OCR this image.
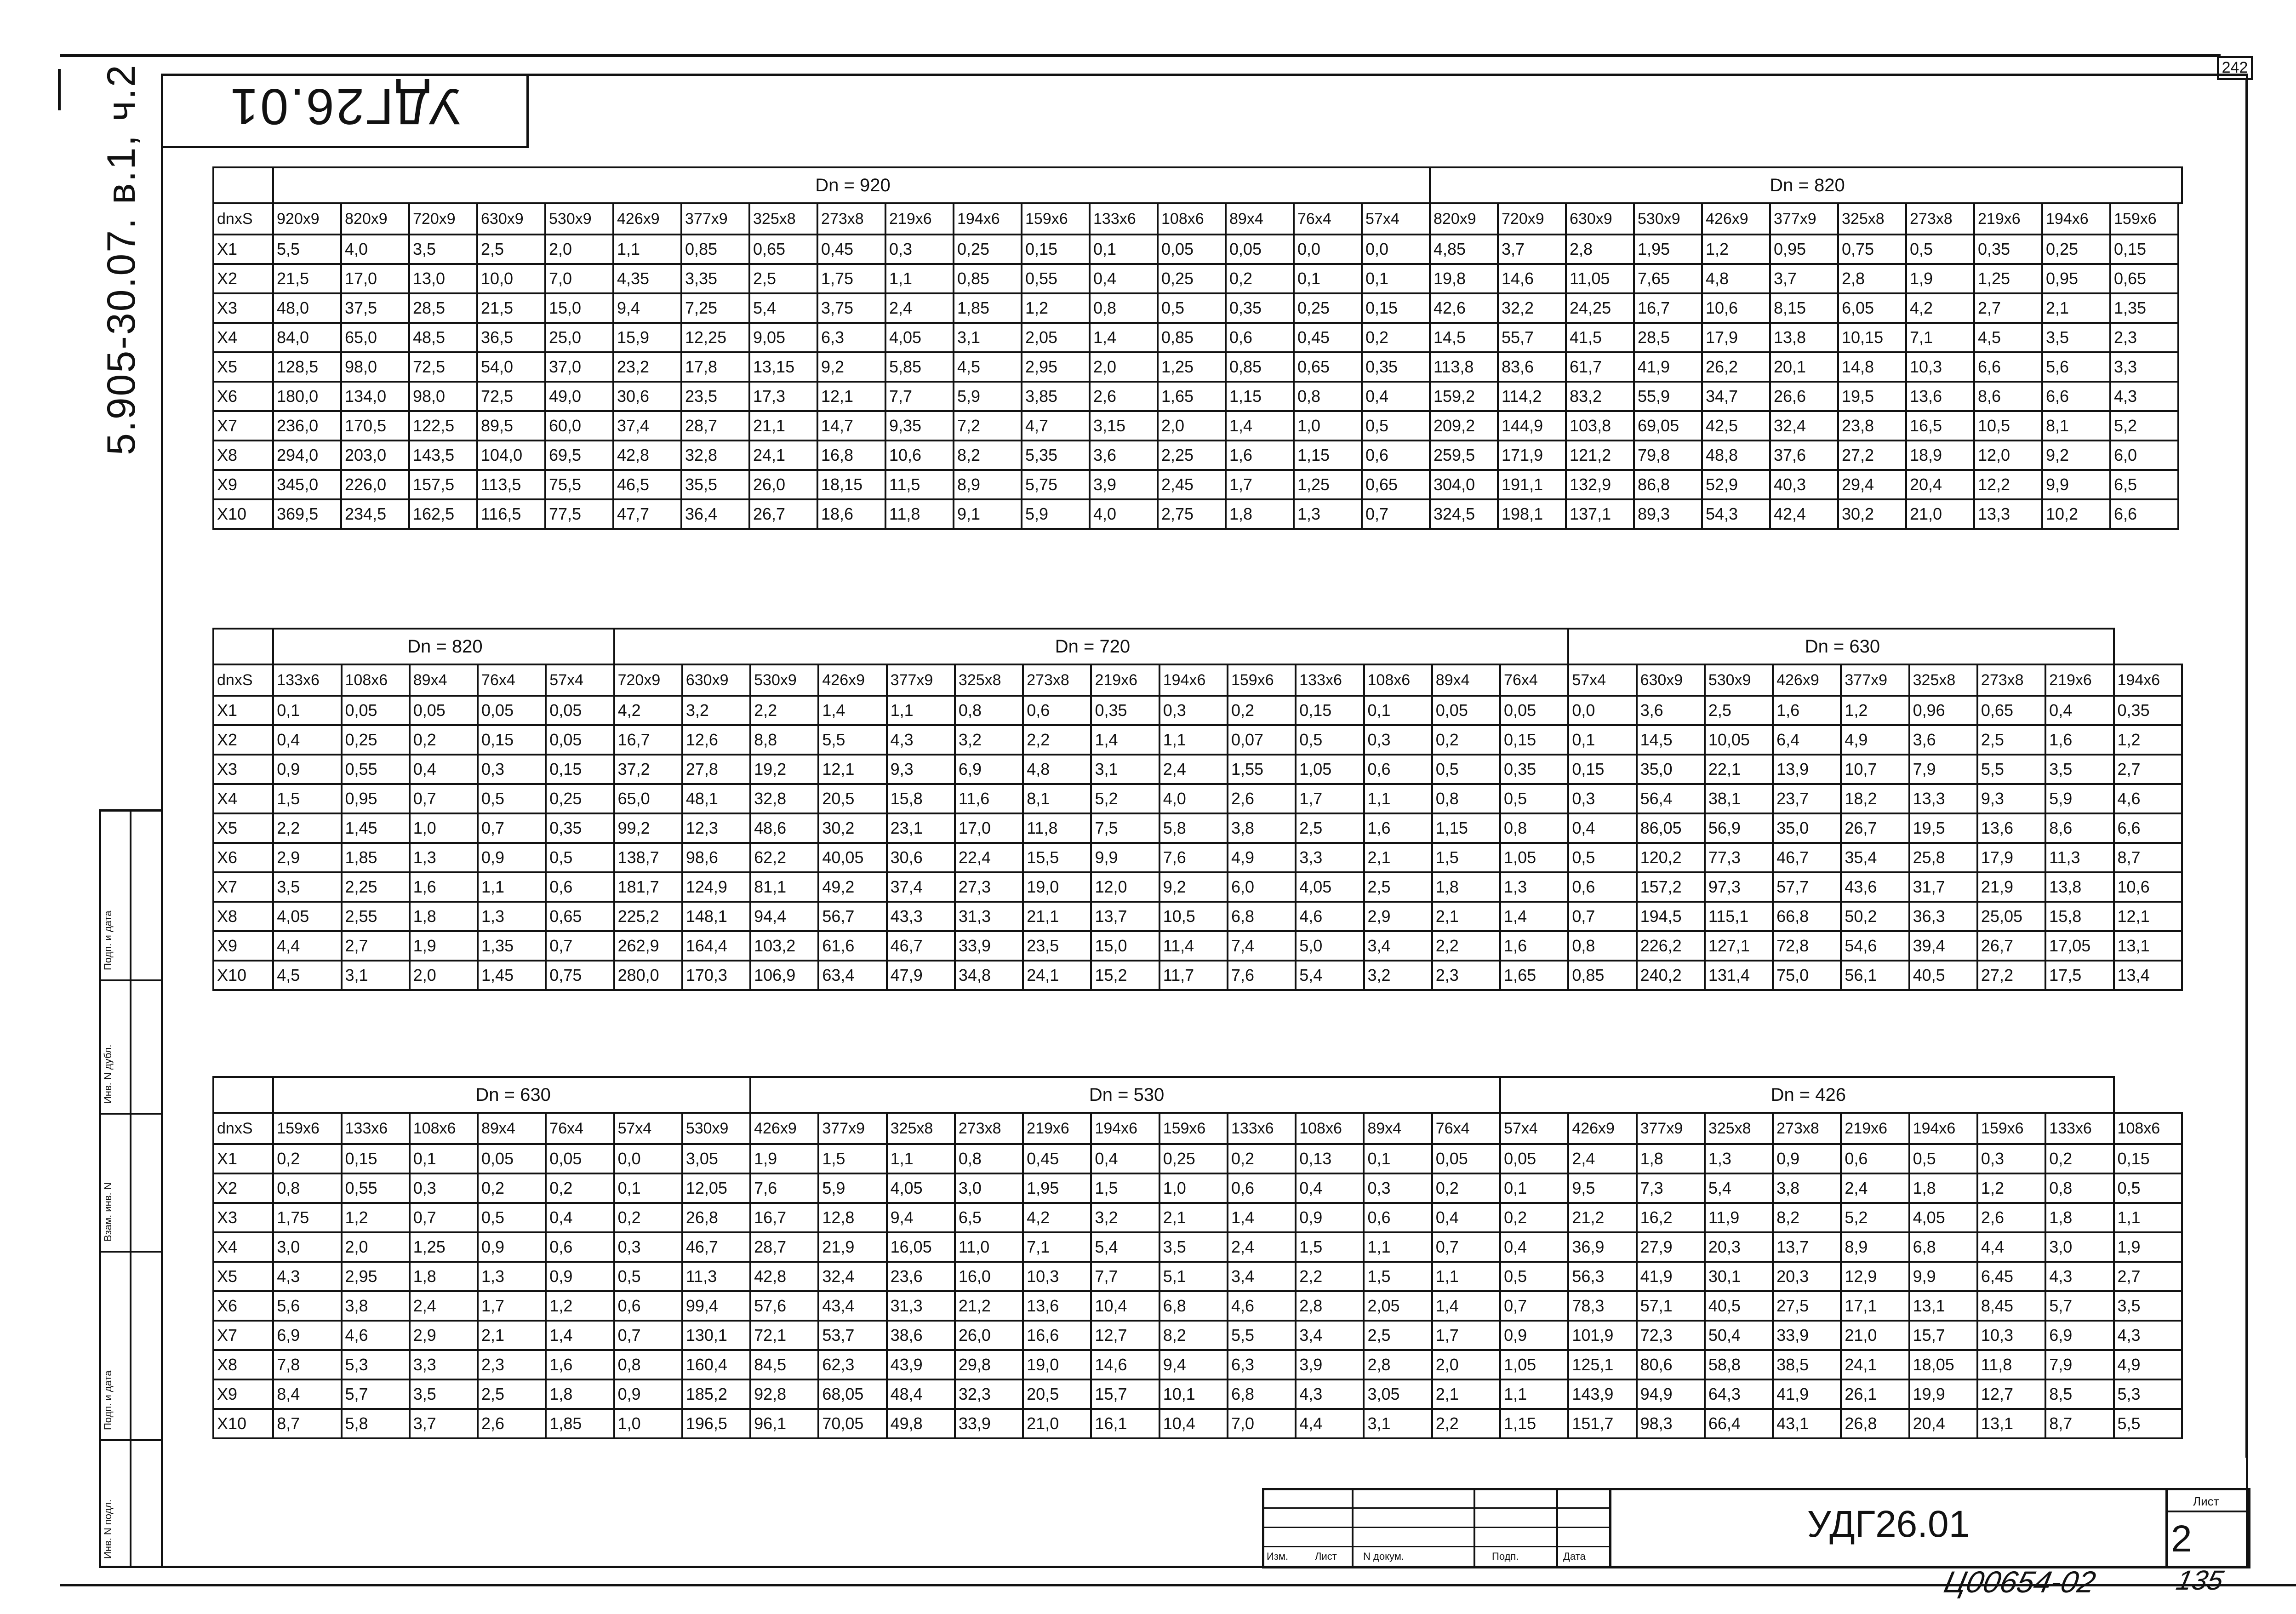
УДГ26.01
242
5.905-30.07. в.1, ч.2
Подп. и дата
Инв. N дубл.
Взам. инв. N
Подп. и дата
Инв. N подл.
	Dn = 920																	Dn = 820										
dnxS	920x9	820x9	720x9	630x9	530x9	426x9	377x9	325x8	273x8	219x6	194x6	159x6	133x6	108x6	89x4	76x4	57x4	820x9	720x9	630x9	530x9	426x9	377x9	325x8	273x8	219x6	194x6	159x6
X1	5,5	4,0	3,5	2,5	2,0	1,1	0,85	0,65	0,45	0,3	0,25	0,15	0,1	0,05	0,05	0,0	0,0	4,85	3,7	2,8	1,95	1,2	0,95	0,75	0,5	0,35	0,25	0,15
X2	21,5	17,0	13,0	10,0	7,0	4,35	3,35	2,5	1,75	1,1	0,85	0,55	0,4	0,25	0,2	0,1	0,1	19,8	14,6	11,05	7,65	4,8	3,7	2,8	1,9	1,25	0,95	0,65
X3	48,0	37,5	28,5	21,5	15,0	9,4	7,25	5,4	3,75	2,4	1,85	1,2	0,8	0,5	0,35	0,25	0,15	42,6	32,2	24,25	16,7	10,6	8,15	6,05	4,2	2,7	2,1	1,35
X4	84,0	65,0	48,5	36,5	25,0	15,9	12,25	9,05	6,3	4,05	3,1	2,05	1,4	0,85	0,6	0,45	0,2	14,5	55,7	41,5	28,5	17,9	13,8	10,15	7,1	4,5	3,5	2,3
X5	128,5	98,0	72,5	54,0	37,0	23,2	17,8	13,15	9,2	5,85	4,5	2,95	2,0	1,25	0,85	0,65	0,35	113,8	83,6	61,7	41,9	26,2	20,1	14,8	10,3	6,6	5,6	3,3
X6	180,0	134,0	98,0	72,5	49,0	30,6	23,5	17,3	12,1	7,7	5,9	3,85	2,6	1,65	1,15	0,8	0,4	159,2	114,2	83,2	55,9	34,7	26,6	19,5	13,6	8,6	6,6	4,3
X7	236,0	170,5	122,5	89,5	60,0	37,4	28,7	21,1	14,7	9,35	7,2	4,7	3,15	2,0	1,4	1,0	0,5	209,2	144,9	103,8	69,05	42,5	32,4	23,8	16,5	10,5	8,1	5,2
X8	294,0	203,0	143,5	104,0	69,5	42,8	32,8	24,1	16,8	10,6	8,2	5,35	3,6	2,25	1,6	1,15	0,6	259,5	171,9	121,2	79,8	48,8	37,6	27,2	18,9	12,0	9,2	6,0
X9	345,0	226,0	157,5	113,5	75,5	46,5	35,5	26,0	18,15	11,5	8,9	5,75	3,9	2,45	1,7	1,25	0,65	304,0	191,1	132,9	86,8	52,9	40,3	29,4	20,4	12,2	9,9	6,5
X10	369,5	234,5	162,5	116,5	77,5	47,7	36,4	26,7	18,6	11,8	9,1	5,9	4,0	2,75	1,8	1,3	0,7	324,5	198,1	137,1	89,3	54,3	42,4	30,2	21,0	13,3	10,2	6,6
	Dn = 820					Dn = 720														Dn = 630								
dnxS	133x6	108x6	89x4	76x4	57x4	720x9	630x9	530x9	426x9	377x9	325x8	273x8	219x6	194x6	159x6	133x6	108x6	89x4	76x4	57x4	630x9	530x9	426x9	377x9	325x8	273x8	219x6	194x6
X1	0,1	0,05	0,05	0,05	0,05	4,2	3,2	2,2	1,4	1,1	0,8	0,6	0,35	0,3	0,2	0,15	0,1	0,05	0,05	0,0	3,6	2,5	1,6	1,2	0,96	0,65	0,4	0,35
X2	0,4	0,25	0,2	0,15	0,05	16,7	12,6	8,8	5,5	4,3	3,2	2,2	1,4	1,1	0,07	0,5	0,3	0,2	0,15	0,1	14,5	10,05	6,4	4,9	3,6	2,5	1,6	1,2
X3	0,9	0,55	0,4	0,3	0,15	37,2	27,8	19,2	12,1	9,3	6,9	4,8	3,1	2,4	1,55	1,05	0,6	0,5	0,35	0,15	35,0	22,1	13,9	10,7	7,9	5,5	3,5	2,7
X4	1,5	0,95	0,7	0,5	0,25	65,0	48,1	32,8	20,5	15,8	11,6	8,1	5,2	4,0	2,6	1,7	1,1	0,8	0,5	0,3	56,4	38,1	23,7	18,2	13,3	9,3	5,9	4,6
X5	2,2	1,45	1,0	0,7	0,35	99,2	12,3	48,6	30,2	23,1	17,0	11,8	7,5	5,8	3,8	2,5	1,6	1,15	0,8	0,4	86,05	56,9	35,0	26,7	19,5	13,6	8,6	6,6
X6	2,9	1,85	1,3	0,9	0,5	138,7	98,6	62,2	40,05	30,6	22,4	15,5	9,9	7,6	4,9	3,3	2,1	1,5	1,05	0,5	120,2	77,3	46,7	35,4	25,8	17,9	11,3	8,7
X7	3,5	2,25	1,6	1,1	0,6	181,7	124,9	81,1	49,2	37,4	27,3	19,0	12,0	9,2	6,0	4,05	2,5	1,8	1,3	0,6	157,2	97,3	57,7	43,6	31,7	21,9	13,8	10,6
X8	4,05	2,55	1,8	1,3	0,65	225,2	148,1	94,4	56,7	43,3	31,3	21,1	13,7	10,5	6,8	4,6	2,9	2,1	1,4	0,7	194,5	115,1	66,8	50,2	36,3	25,05	15,8	12,1
X9	4,4	2,7	1,9	1,35	0,7	262,9	164,4	103,2	61,6	46,7	33,9	23,5	15,0	11,4	7,4	5,0	3,4	2,2	1,6	0,8	226,2	127,1	72,8	54,6	39,4	26,7	17,05	13,1
X10	4,5	3,1	2,0	1,45	0,75	280,0	170,3	106,9	63,4	47,9	34,8	24,1	15,2	11,7	7,6	5,4	3,2	2,3	1,65	0,85	240,2	131,4	75,0	56,1	40,5	27,2	17,5	13,4
	Dn = 630							Dn = 530											Dn = 426									
dnxS	159x6	133x6	108x6	89x4	76x4	57x4	530x9	426x9	377x9	325x8	273x8	219x6	194x6	159x6	133x6	108x6	89x4	76x4	57x4	426x9	377x9	325x8	273x8	219x6	194x6	159x6	133x6	108x6
X1	0,2	0,15	0,1	0,05	0,05	0,0	3,05	1,9	1,5	1,1	0,8	0,45	0,4	0,25	0,2	0,13	0,1	0,05	0,05	2,4	1,8	1,3	0,9	0,6	0,5	0,3	0,2	0,15
X2	0,8	0,55	0,3	0,2	0,2	0,1	12,05	7,6	5,9	4,05	3,0	1,95	1,5	1,0	0,6	0,4	0,3	0,2	0,1	9,5	7,3	5,4	3,8	2,4	1,8	1,2	0,8	0,5
X3	1,75	1,2	0,7	0,5	0,4	0,2	26,8	16,7	12,8	9,4	6,5	4,2	3,2	2,1	1,4	0,9	0,6	0,4	0,2	21,2	16,2	11,9	8,2	5,2	4,05	2,6	1,8	1,1
X4	3,0	2,0	1,25	0,9	0,6	0,3	46,7	28,7	21,9	16,05	11,0	7,1	5,4	3,5	2,4	1,5	1,1	0,7	0,4	36,9	27,9	20,3	13,7	8,9	6,8	4,4	3,0	1,9
X5	4,3	2,95	1,8	1,3	0,9	0,5	11,3	42,8	32,4	23,6	16,0	10,3	7,7	5,1	3,4	2,2	1,5	1,1	0,5	56,3	41,9	30,1	20,3	12,9	9,9	6,45	4,3	2,7
X6	5,6	3,8	2,4	1,7	1,2	0,6	99,4	57,6	43,4	31,3	21,2	13,6	10,4	6,8	4,6	2,8	2,05	1,4	0,7	78,3	57,1	40,5	27,5	17,1	13,1	8,45	5,7	3,5
X7	6,9	4,6	2,9	2,1	1,4	0,7	130,1	72,1	53,7	38,6	26,0	16,6	12,7	8,2	5,5	3,4	2,5	1,7	0,9	101,9	72,3	50,4	33,9	21,0	15,7	10,3	6,9	4,3
X8	7,8	5,3	3,3	2,3	1,6	0,8	160,4	84,5	62,3	43,9	29,8	19,0	14,6	9,4	6,3	3,9	2,8	2,0	1,05	125,1	80,6	58,8	38,5	24,1	18,05	11,8	7,9	4,9
X9	8,4	5,7	3,5	2,5	1,8	0,9	185,2	92,8	68,05	48,4	32,3	20,5	15,7	10,1	6,8	4,3	3,05	2,1	1,1	143,9	94,9	64,3	41,9	26,1	19,9	12,7	8,5	5,3
X10	8,7	5,8	3,7	2,6	1,85	1,0	196,5	96,1	70,05	49,8	33,9	21,0	16,1	10,4	7,0	4,4	3,1	2,2	1,15	151,7	98,3	66,4	43,1	26,8	20,4	13,1	8,7	5,5
Изм.	Лист	N докум.	Подп.	Дата
УДГ26.01
Лист
2
Ц00654-02	135
